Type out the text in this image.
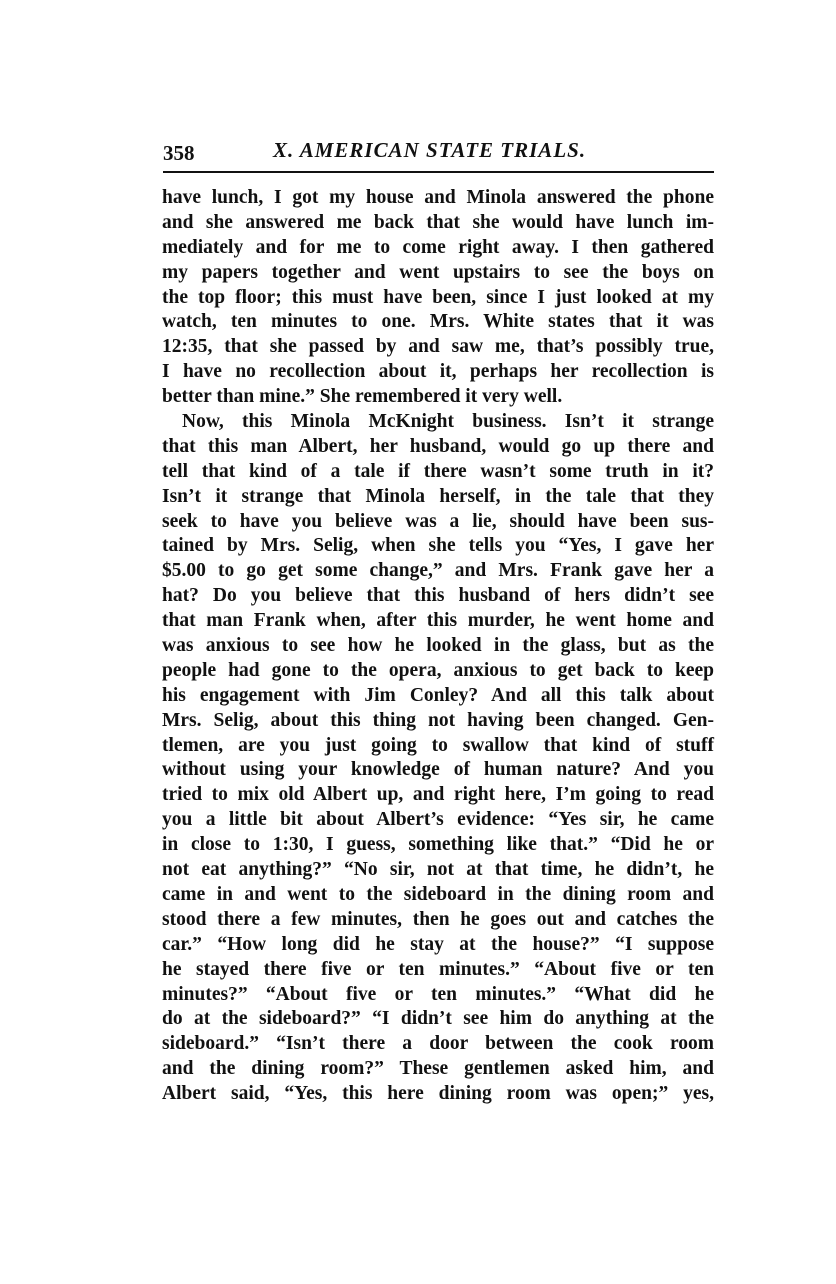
358	X. AMERICAN STATE TRIALS.
have lunch, I got my house and Minola answered the phone
and she answered me back that she would have lunch im-
mediately and for me to come right away. I then gathered
my papers together and went upstairs to see the boys on
the top floor; this must have been, since I just looked at my
watch, ten minutes to one. Mrs. White states that it was
12:35, that she passed by and saw me, that’s possibly true,
I have no recollection about it, perhaps her recollection is
better than mine.” She remembered it very well.
Now, this Minola McKnight business. Isn’t it strange
that this man Albert, her husband, would go up there and
tell that kind of a tale if there wasn’t some truth in it?
Isn’t it strange that Minola herself, in the tale that they
seek to have you believe was a lie, should have been sus-
tained by Mrs. Selig, when she tells you “Yes, I gave her
$5.00 to go get some change,” and Mrs. Frank gave her a
hat? Do you believe that this husband of hers didn’t see
that man Frank when, after this murder, he went home and
was anxious to see how he looked in the glass, but as the
people had gone to the opera, anxious to get back to keep
his engagement with Jim Conley? And all this talk about
Mrs. Selig, about this thing not having been changed. Gen-
tlemen, are you just going to swallow that kind of stuff
without using your knowledge of human nature? And you
tried to mix old Albert up, and right here, I’m going to read
you a little bit about Albert’s evidence: “Yes sir, he came
in close to 1:30, I guess, something like that.” “Did he or
not eat anything?” “No sir, not at that time, he didn’t, he
came in and went to the sideboard in the dining room and
stood there a few minutes, then he goes out and catches the
car.” “How long did he stay at the house?” “I suppose
he stayed there five or ten minutes.” “About five or ten
minutes?” “About five or ten minutes.” “What did he
do at the sideboard?” “I didn’t see him do anything at the
sideboard.” “Isn’t there a door between the cook room
and the dining room?” These gentlemen asked him, and
Albert said, “Yes, this here dining room was open;” yes,
